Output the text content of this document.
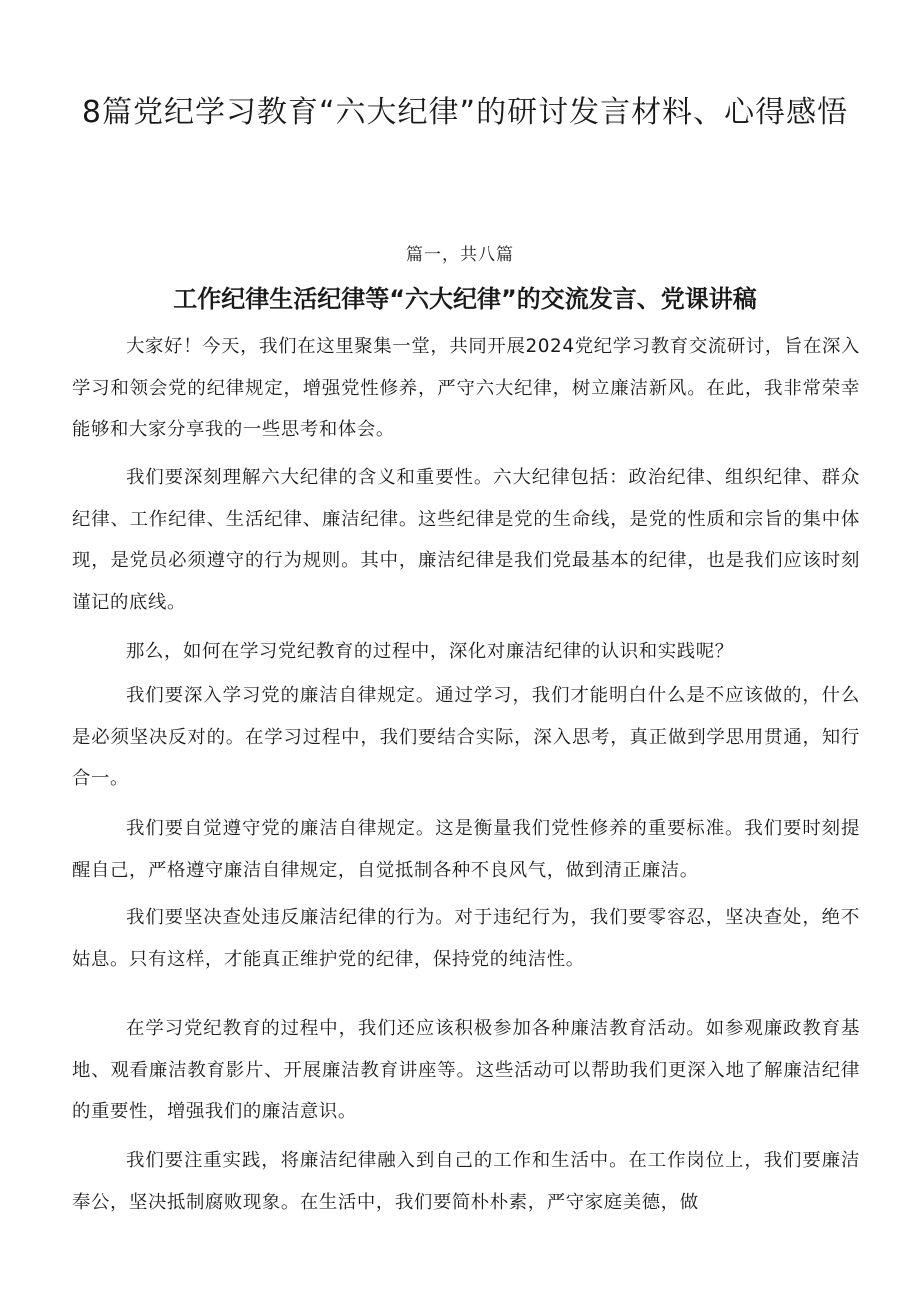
8篇党纪学习教育“六大纪律”的研讨发言材料、心得感悟
篇一，共八篇
工作纪律生活纪律等“六大纪律”的交流发言、党课讲稿

大家好！今天，我们在这里聚集一堂，共同开展2024党纪学习教育交流研讨，旨在深入学习和领会党的纪律规定，增强党性修养，严守六大纪律，树立廉洁新风。在此，我非常荣幸能够和大家分享我的一些思考和体会。

我们要深刻理解六大纪律的含义和重要性。六大纪律包括：政治纪律、组织纪律、群众纪律、工作纪律、生活纪律、廉洁纪律。这些纪律是党的生命线，是党的性质和宗旨的集中体现，是党员必须遵守的行为规则。其中，廉洁纪律是我们党最基本的纪律，也是我们应该时刻谨记的底线。

那么，如何在学习党纪教育的过程中，深化对廉洁纪律的认识和实践呢？

我们要深入学习党的廉洁自律规定。通过学习，我们才能明白什么是不应该做的，什么是必须坚决反对的。在学习过程中，我们要结合实际，深入思考，真正做到学思用贯通，知行合一。

我们要自觉遵守党的廉洁自律规定。这是衡量我们党性修养的重要标准。我们要时刻提醒自己，严格遵守廉洁自律规定，自觉抵制各种不良风气，做到清正廉洁。

我们要坚决查处违反廉洁纪律的行为。对于违纪行为，我们要零容忍，坚决查处，绝不姑息。只有这样，才能真正维护党的纪律，保持党的纯洁性。

在学习党纪教育的过程中，我们还应该积极参加各种廉洁教育活动。如参观廉政教育基地、观看廉洁教育影片、开展廉洁教育讲座等。这些活动可以帮助我们更深入地了解廉洁纪律的重要性，增强我们的廉洁意识。

我们要注重实践，将廉洁纪律融入到自己的工作和生活中。在工作岗位上，我们要廉洁奉公，坚决抵制腐败现象。在生活中，我们要简朴朴素，严守家庭美德，做
